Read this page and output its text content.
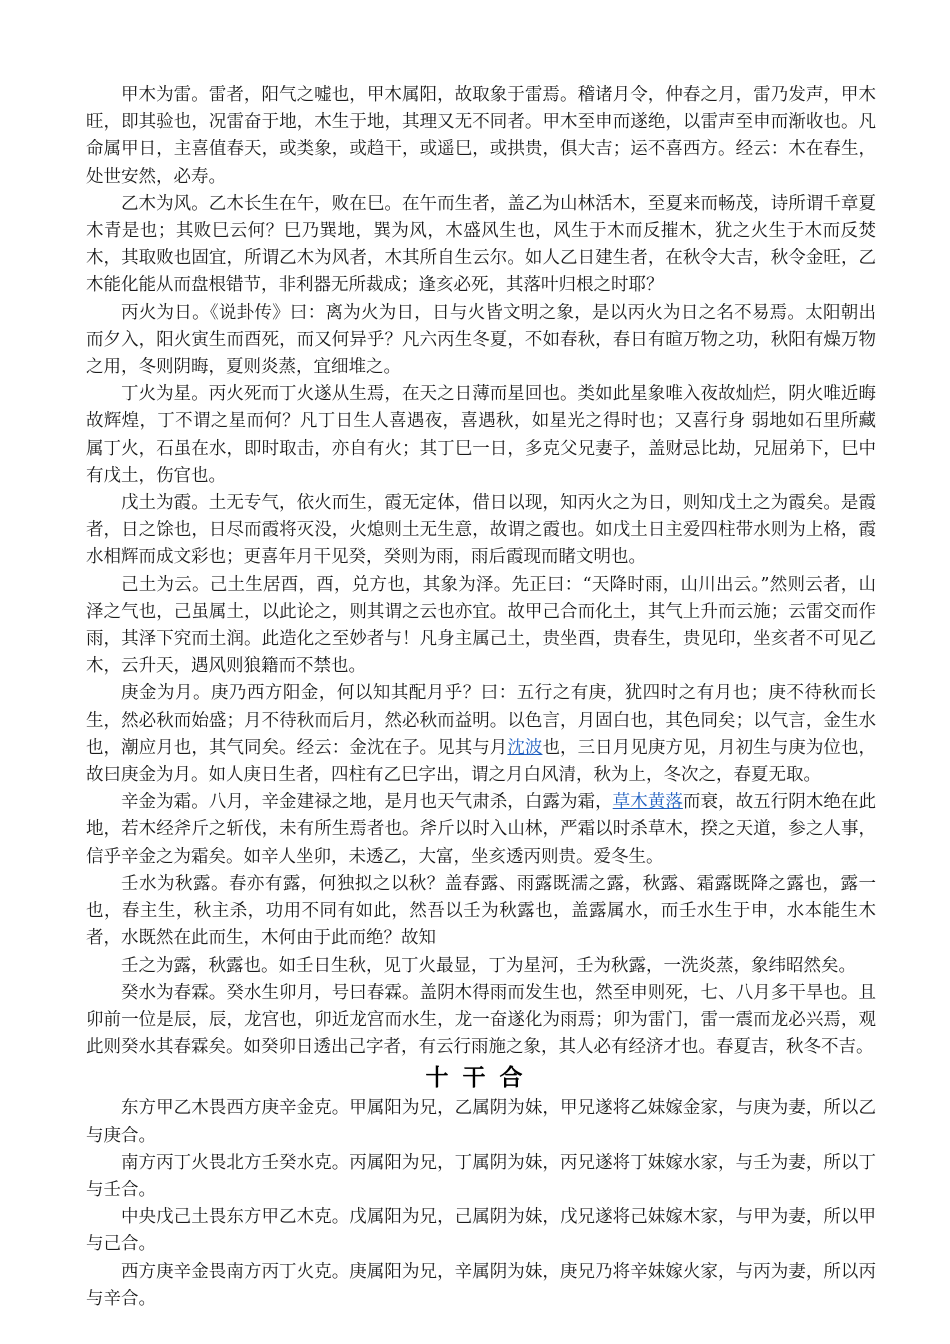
甲木为雷。雷者，阳气之嘘也，甲木属阳，故取象于雷焉。稽诸月令，仲春之月，雷乃发声，甲木旺，即其验也，况雷奋于地，木生于地，其理又无不同者。甲木至申而遂绝，以雷声至申而渐收也。凡命属甲日，主喜值春天，或类象，或趋干，或遥巳，或拱贵，俱大吉；运不喜西方。经云：木在春生，处世安然，必寿。

乙木为风。乙木长生在午，败在巳。在午而生者，盖乙为山林活木，至夏来而畅茂，诗所谓千章夏木青是也；其败巳云何？巳乃巽地，巽为风，木盛风生也，风生于木而反摧木，犹之火生于木而反焚木，其取败也固宜，所谓乙木为风者，木其所自生云尔。如人乙日建生者，在秋令大吉，秋令金旺，乙木能化能从而盘根错节，非利器无所裁成；逢亥必死，其落叶归根之时耶？

丙火为日。《说卦传》曰：离为火为日，日与火皆文明之象，是以丙火为日之名不易焉。太阳朝出而夕入，阳火寅生而酉死，而又何异乎？凡六丙生冬夏，不如春秋，春日有暄万物之功，秋阳有燥万物之用，冬则阴晦，夏则炎蒸，宜细堆之。

丁火为星。丙火死而丁火遂从生焉，在天之日薄而星回也。类如此星象唯入夜故灿烂，阴火唯近晦故辉煌，丁不谓之星而何？凡丁日生人喜遇夜，喜遇秋，如星光之得时也；又喜行身 弱地如石里所藏属丁火，石虽在水，即时取击，亦自有火；其丁巳一日，多克父兄妻子，盖财忌比劫，兄屈弟下，巳中有戊土，伤官也。

戊土为霞。土无专气，依火而生，霞无定体，借日以现，知丙火之为日，则知戊土之为霞矣。是霞者，日之馀也，日尽而霞将灭没，火熄则土无生意，故谓之霞也。如戊土日主爱四柱带水则为上格，霞水相辉而成文彩也；更喜年月干见癸，癸则为雨，雨后霞现而睹文明也。

己土为云。己土生居酉，酉，兑方也，其象为泽。先正曰：“天降时雨，山川出云。”然则云者，山泽之气也，己虽属土，以此论之，则其谓之云也亦宜。故甲己合而化土，其气上升而云施；云雷交而作雨，其泽下究而土润。此造化之至妙者与！凡身主属己土，贵坐酉，贵春生，贵见印，坐亥者不可见乙木，云升天，遇风则狼籍而不禁也。

庚金为月。庚乃西方阳金，何以知其配月乎？曰：五行之有庚，犹四时之有月也；庚不待秋而长生，然必秋而始盛；月不待秋而后月，然必秋而益明。以色言，月固白也，其色同矣；以气言，金生水也，潮应月也，其气同矣。经云：金沈在子。见其与月沈波也，三日月见庚方见，月初生与庚为位也，故曰庚金为月。如人庚日生者，四柱有乙巳字出，谓之月白风清，秋为上，冬次之，春夏无取。

辛金为霜。八月，辛金建禄之地，是月也天气肃杀，白露为霜，草木黄落而衰，故五行阴木绝在此地，若木经斧斤之斩伐，未有所生焉者也。斧斤以时入山林，严霜以时杀草木，揆之天道，参之人事，信乎辛金之为霜矣。如辛人坐卯，未透乙，大富，坐亥透丙则贵。爱冬生。

壬水为秋露。春亦有露，何独拟之以秋？盖春露、雨露既濡之露，秋露、霜露既降之露也，露一也，春主生，秋主杀，功用不同有如此，然吾以壬为秋露也，盖露属水，而壬水生于申，水本能生木者，水既然在此而生，木何由于此而绝？故知

壬之为露，秋露也。如壬日生秋，见丁火最显，丁为星河，壬为秋露，一洗炎蒸，象纬昭然矣。

癸水为春霖。癸水生卯月，号曰春霖。盖阴木得雨而发生也，然至申则死，七、八月多干旱也。且卯前一位是辰，辰，龙宫也，卯近龙宫而水生，龙一奋遂化为雨焉；卯为雷门，雷一震而龙必兴焉，观此则癸水其春霖矣。如癸卯日透出己字者，有云行雨施之象，其人必有经济才也。春夏吉，秋冬不吉。

十干合

东方甲乙木畏西方庚辛金克。甲属阳为兄，乙属阴为妹，甲兄遂将乙妹嫁金家，与庚为妻，所以乙与庚合。

南方丙丁火畏北方壬癸水克。丙属阳为兄，丁属阴为妹，丙兄遂将丁妹嫁水家，与壬为妻，所以丁与壬合。

中央戊己土畏东方甲乙木克。戊属阳为兄，己属阴为妹，戊兄遂将己妹嫁木家，与甲为妻，所以甲与己合。

西方庚辛金畏南方丙丁火克。庚属阳为兄，辛属阴为妹，庚兄乃将辛妹嫁火家，与丙为妻，所以丙与辛合。
